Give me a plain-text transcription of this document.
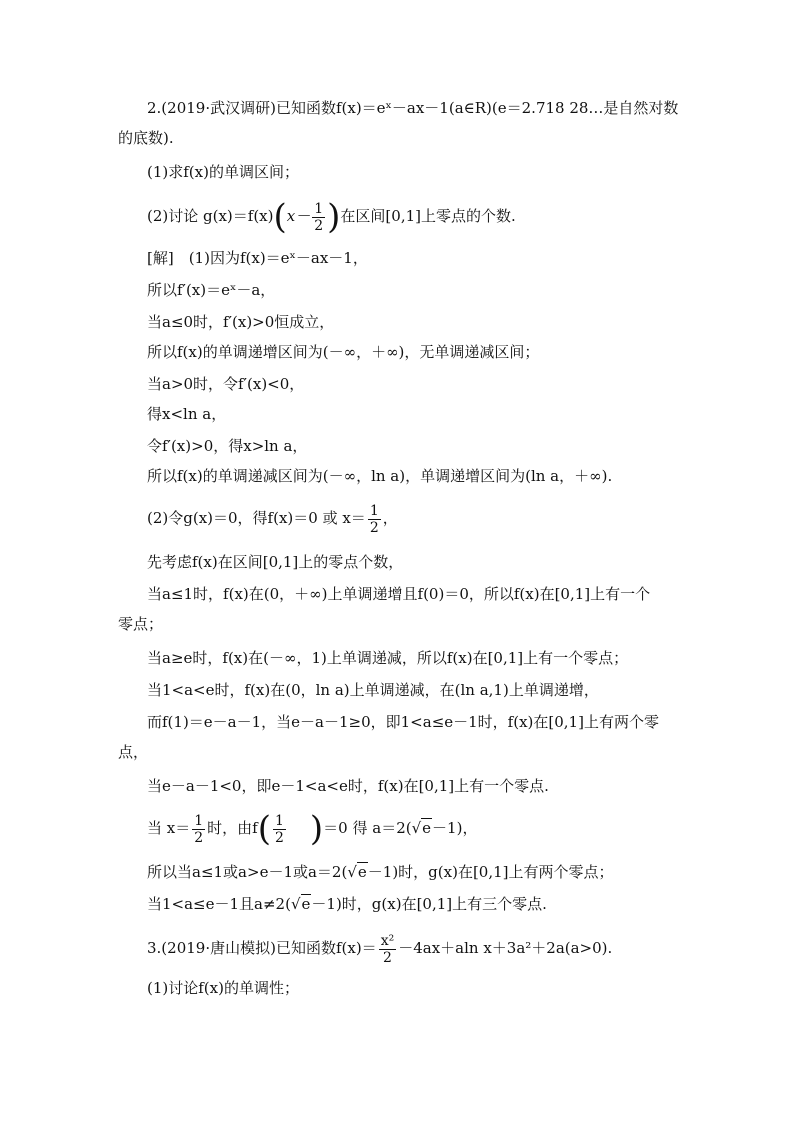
2.(2019·武汉调研)已知函数f(x)＝eˣ－ax－1(a∈R)(e＝2.718 28…是自然对数
的底数).
(1)求f(x)的单调区间；
(2)讨论 $g(x)=f(x)(x- \frac{1}{2}$ )在区间[0,1]上零点的个数.
[解]　(1)因为f(x)＝eˣ－ax－1，
所以f′(x)＝eˣ－a，
当a≤0时，f′(x)>0恒成立，
所以f(x)的单调递增区间为(－∞，＋∞)，无单调递减区间；
当a>0时，令f′(x)<0，
得x<ln a，
令f′(x)>0，得x>ln a，
所以f(x)的单调递减区间为(－∞，ln a)，单调递增区间为(ln a，＋∞).
(2)令g(x)＝0，得f(x)＝0 或 $x= \frac{1}{2}$ ，
先考虑f(x)在区间[0,1]上的零点个数，
当a≤1时，f(x)在(0，＋∞)上单调递增且f(0)＝0，所以f(x)在[0,1]上有一个
零点；
当a≥e时，f(x)在(－∞，1)上单调递减，所以f(x)在[0,1]上有一个零点；
当1<a<e时，f(x)在(0，ln a)上单调递减，在(ln a,1)上单调递增，
而f(1)＝e－a－1，当e－a－1≥0，即1<a≤e－1时，f(x)在[0,1]上有两个零
点，
当e－a－1<0，即e－1<a<e时，f(x)在[0,1]上有一个零点.
当 $x= \frac{1}{2}$ 时，由$f( \frac{1}{2} )=0$ 得 a＝2(√e－1)，
所以当a≤1或a>e－1或a＝2(√e－1)时，g(x)在[0,1]上有两个零点；
当1<a≤e－1且a≠2(√e－1)时，g(x)在[0,1]上有三个零点.
3.(2019·唐山模拟)已知函数$f(x)= \frac{\text{x²}}{2} -4ax+aln$ x＋3a²＋2a(a>0).
(1)讨论f(x)的单调性；
